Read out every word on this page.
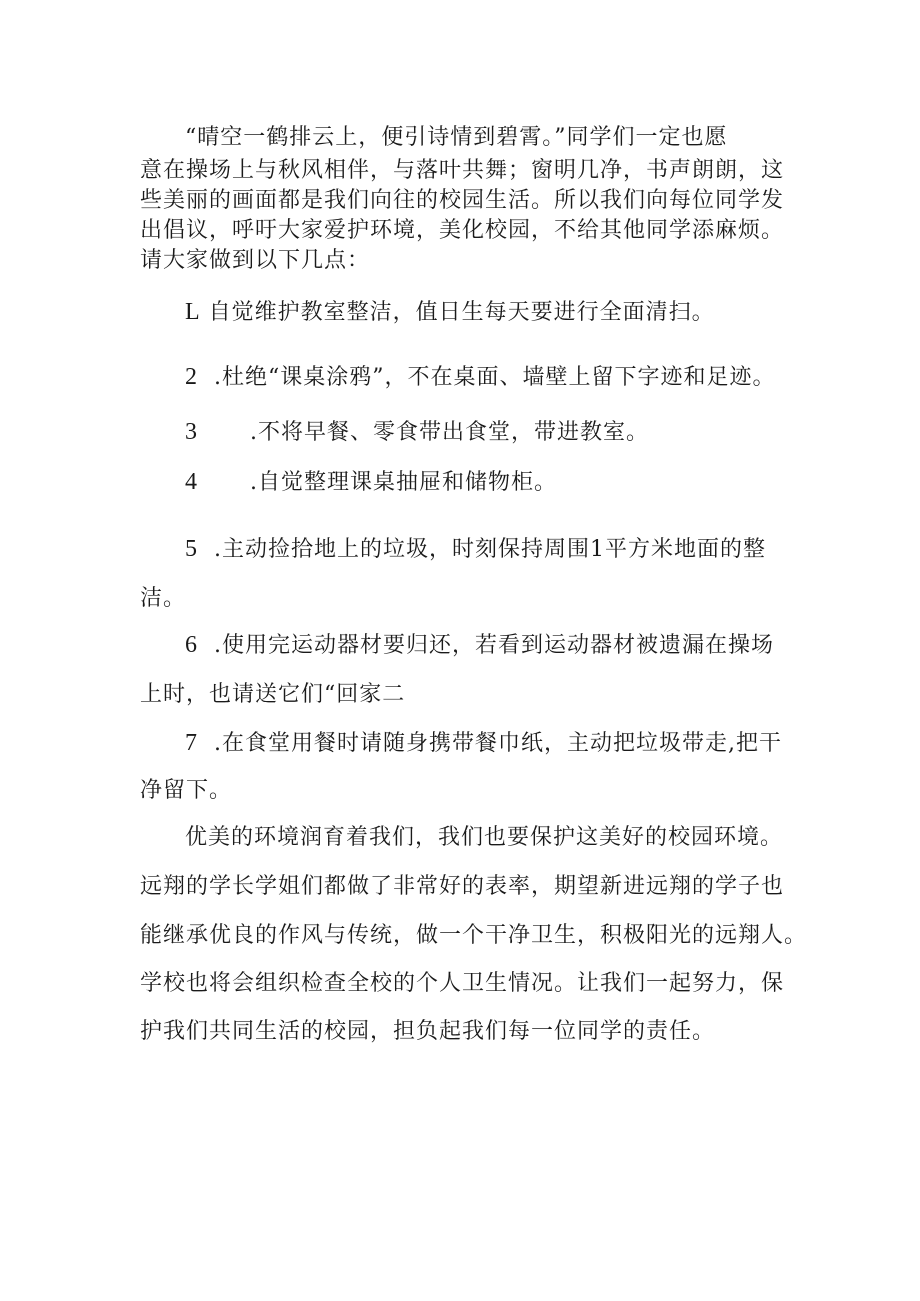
“晴空一鹤排云上，便引诗情到碧霄。”同学们一定也愿
意在操场上与秋风相伴，与落叶共舞；窗明几净，书声朗朗，这
些美丽的画面都是我们向往的校园生活。所以我们向每位同学发
出倡议，呼吁大家爱护环境，美化校园，不给其他同学添麻烦。
请大家做到以下几点：
L 自觉维护教室整洁，值日生每天要进行全面清扫。
2 .杜绝“课桌涂鸦”，不在桌面、墙壁上留下字迹和足迹。
3 .不将早餐、零食带出食堂，带进教室。
4 .自觉整理课桌抽屉和储物柜。
5 .主动捡拾地上的垃圾，时刻保持周围1平方米地面的整
洁。
6 .使用完运动器材要归还，若看到运动器材被遗漏在操场
上时，也请送它们“回家二
7 .在食堂用餐时请随身携带餐巾纸，主动把垃圾带走,把干
净留下。
优美的环境润育着我们，我们也要保护这美好的校园环境。
远翔的学长学姐们都做了非常好的表率，期望新进远翔的学子也
能继承优良的作风与传统，做一个干净卫生，积极阳光的远翔人。
学校也将会组织检查全校的个人卫生情况。让我们一起努力，保
护我们共同生活的校园，担负起我们每一位同学的责任。
